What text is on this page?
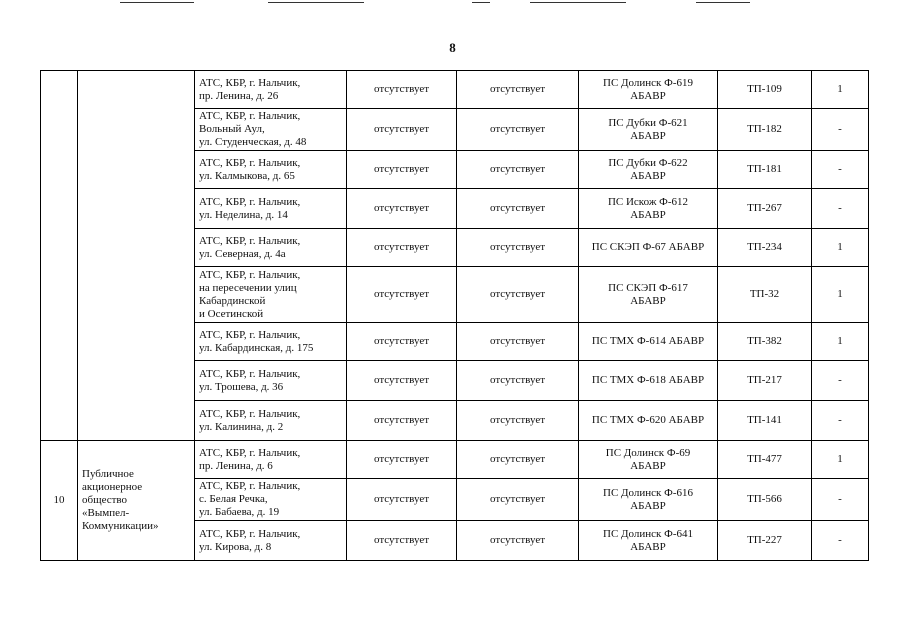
8
		АТС, КБР, г. Нальчик,
пр. Ленина, д. 26	отсутствует	отсутствует	ПС Долинск Ф-619
АБАВР	ТП-109	1
		АТС, КБР, г. Нальчик,
Вольный Аул,
ул. Студенческая, д. 48	отсутствует	отсутствует	ПС Дубки Ф-621
АБАВР	ТП-182	-
		АТС, КБР, г. Нальчик,
ул. Калмыкова, д. 65	отсутствует	отсутствует	ПС Дубки Ф-622
АБАВР	ТП-181	-
		АТС, КБР, г. Нальчик,
ул. Неделина, д. 14	отсутствует	отсутствует	ПС Искож Ф-612
АБАВР	ТП-267	-
		АТС, КБР, г. Нальчик,
ул. Северная, д. 4а	отсутствует	отсутствует	ПС СКЭП Ф-67 АБАВР	ТП-234	1
		АТС, КБР, г. Нальчик,
на пересечении улиц
Кабардинской
и Осетинской	отсутствует	отсутствует	ПС СКЭП Ф-617
АБАВР	ТП-32	1
		АТС, КБР, г. Нальчик,
ул. Кабардинская, д. 175	отсутствует	отсутствует	ПС ТМХ Ф-614 АБАВР	ТП-382	1
		АТС, КБР, г. Нальчик,
ул. Трошева, д. 36	отсутствует	отсутствует	ПС ТМХ Ф-618 АБАВР	ТП-217	-
		АТС, КБР, г. Нальчик,
ул. Калинина, д. 2	отсутствует	отсутствует	ПС ТМХ Ф-620 АБАВР	ТП-141	-
10	Публичное
акционерное
общество
«Вымпел-
Коммуникации»	АТС, КБР, г. Нальчик,
пр. Ленина, д. 6	отсутствует	отсутствует	ПС Долинск Ф-69
АБАВР	ТП-477	1
		АТС, КБР, г. Нальчик,
с. Белая Речка,
ул. Бабаева, д. 19	отсутствует	отсутствует	ПС Долинск Ф-616
АБАВР	ТП-566	-
		АТС, КБР, г. Нальчик,
ул. Кирова, д. 8	отсутствует	отсутствует	ПС Долинск Ф-641
АБАВР	ТП-227	-
